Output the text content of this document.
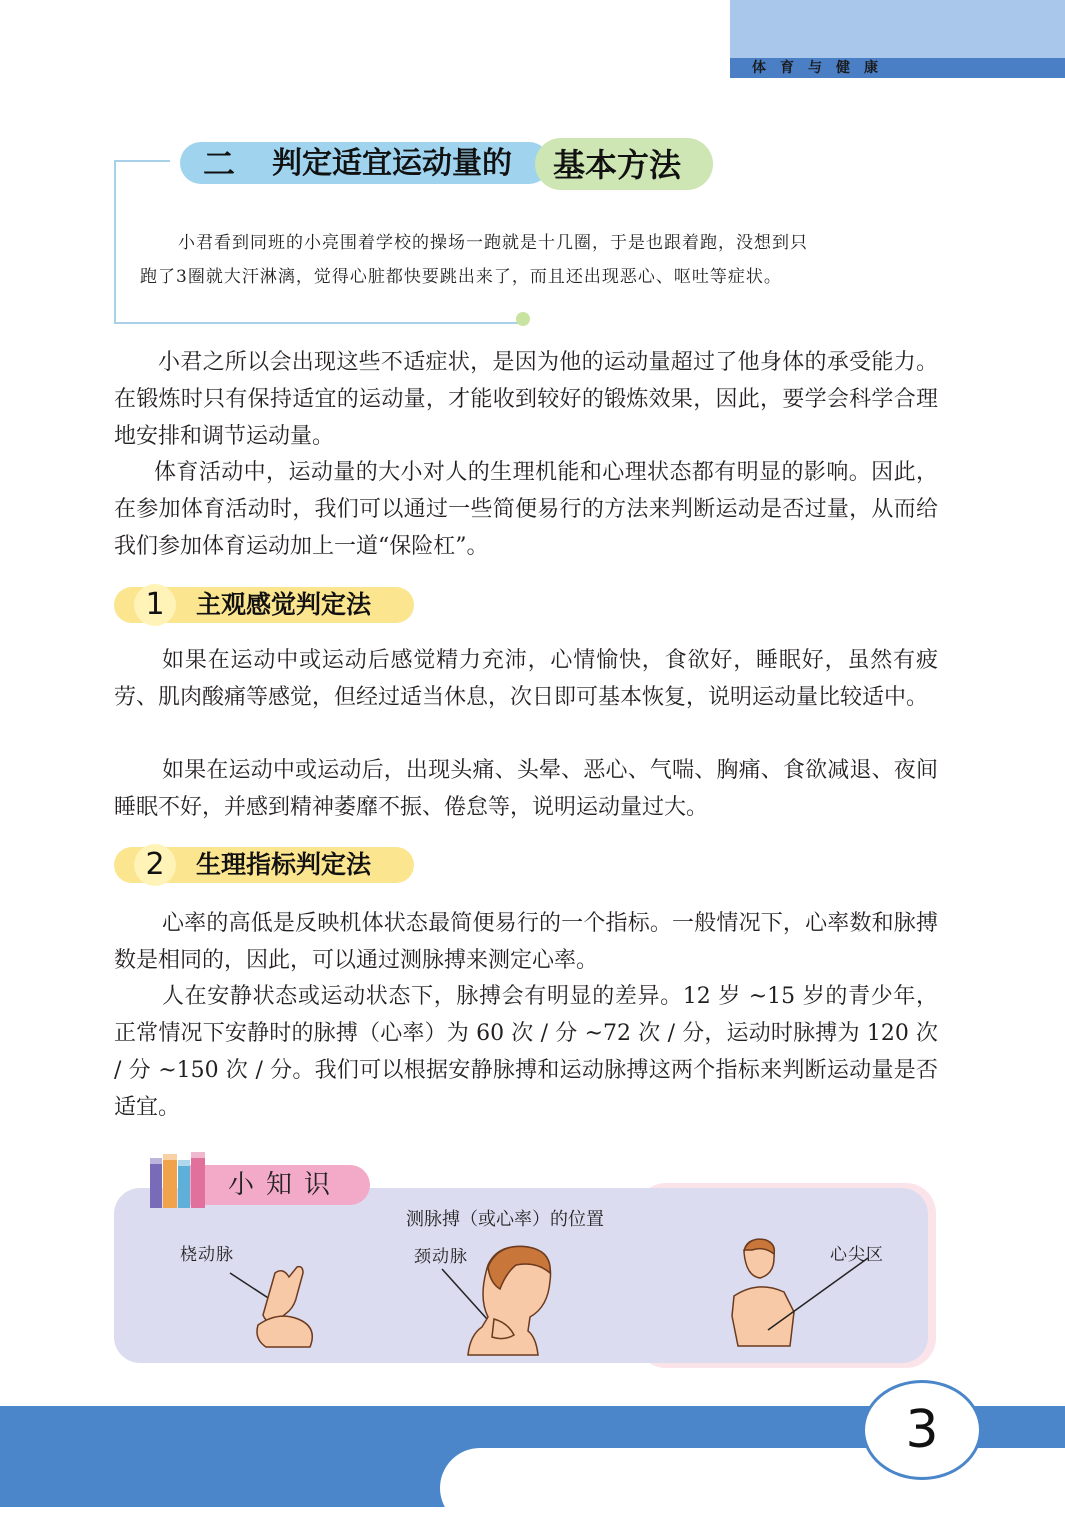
体育与健康
二 判定适宜运动量的 基本方法
小君看到同班的小亮围着学校的操场一跑就是十几圈，于是也跟着跑，没想到只
跑了3圈就大汗淋漓，觉得心脏都快要跳出来了，而且还出现恶心、呕吐等症状。
小君之所以会出现这些不适症状，是因为他的运动量超过了他身体的承受能力。在锻炼时只有保持适宜的运动量，才能收到较好的锻炼效果，因此，要学会科学合理地安排和调节运动量。
体育活动中，运动量的大小对人的生理机能和心理状态都有明显的影响。因此，在参加体育活动时，我们可以通过一些简便易行的方法来判断运动是否过量，从而给我们参加体育运动加上一道“保险杠”。
1	主观感觉判定法
如果在运动中或运动后感觉精力充沛，心情愉快，食欲好，睡眠好，虽然有疲劳、肌肉酸痛等感觉，但经过适当休息，次日即可基本恢复，说明运动量比较适中。
如果在运动中或运动后，出现头痛、头晕、恶心、气喘、胸痛、食欲减退、夜间睡眠不好，并感到精神萎靡不振、倦怠等，说明运动量过大。
2	生理指标判定法
心率的高低是反映机体状态最简便易行的一个指标。一般情况下，心率数和脉搏数是相同的，因此，可以通过测脉搏来测定心率。
人在安静状态或运动状态下，脉搏会有明显的差异。12 岁 ~15 岁的青少年，正常情况下安静时的脉搏（心率）为 60 次 / 分 ~72 次 / 分，运动时脉搏为 120 次 / 分 ~150 次 / 分。我们可以根据安静脉搏和运动脉搏这两个指标来判断运动量是否适宜。
小知识
测脉搏（或心率）的位置
桡动脉	颈动脉	心尖区
3
